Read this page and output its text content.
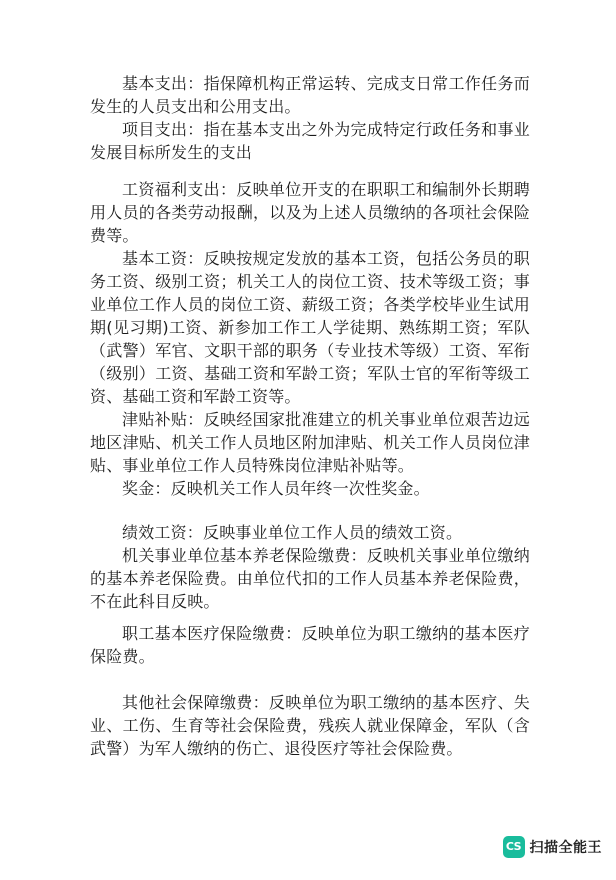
基本支出：指保障机构正常运转、完成支日常工作任务而发生的人员支出和公用支出。

项目支出：指在基本支出之外为完成特定行政任务和事业发展目标所发生的支出

工资福利支出：反映单位开支的在职职工和编制外长期聘用人员的各类劳动报酬，以及为上述人员缴纳的各项社会保险费等。

基本工资：反映按规定发放的基本工资，包括公务员的职务工资、级别工资；机关工人的岗位工资、技术等级工资；事业单位工作人员的岗位工资、薪级工资；各类学校毕业生试用期(见习期)工资、新参加工作工人学徒期、熟练期工资；军队（武警）军官、文职干部的职务（专业技术等级）工资、军衔（级别）工资、基础工资和军龄工资；军队士官的军衔等级工资、基础工资和军龄工资等。

津贴补贴：反映经国家批准建立的机关事业单位艰苦边远地区津贴、机关工作人员地区附加津贴、机关工作人员岗位津贴、事业单位工作人员特殊岗位津贴补贴等。

奖金：反映机关工作人员年终一次性奖金。

绩效工资：反映事业单位工作人员的绩效工资。

机关事业单位基本养老保险缴费：反映机关事业单位缴纳的基本养老保险费。由单位代扣的工作人员基本养老保险费，不在此科目反映。

职工基本医疗保险缴费：反映单位为职工缴纳的基本医疗保险费。

其他社会保障缴费：反映单位为职工缴纳的基本医疗、失业、工伤、生育等社会保险费，残疾人就业保障金，军队（含武警）为军人缴纳的伤亡、退役医疗等社会保险费。

CS 扫描全能王
